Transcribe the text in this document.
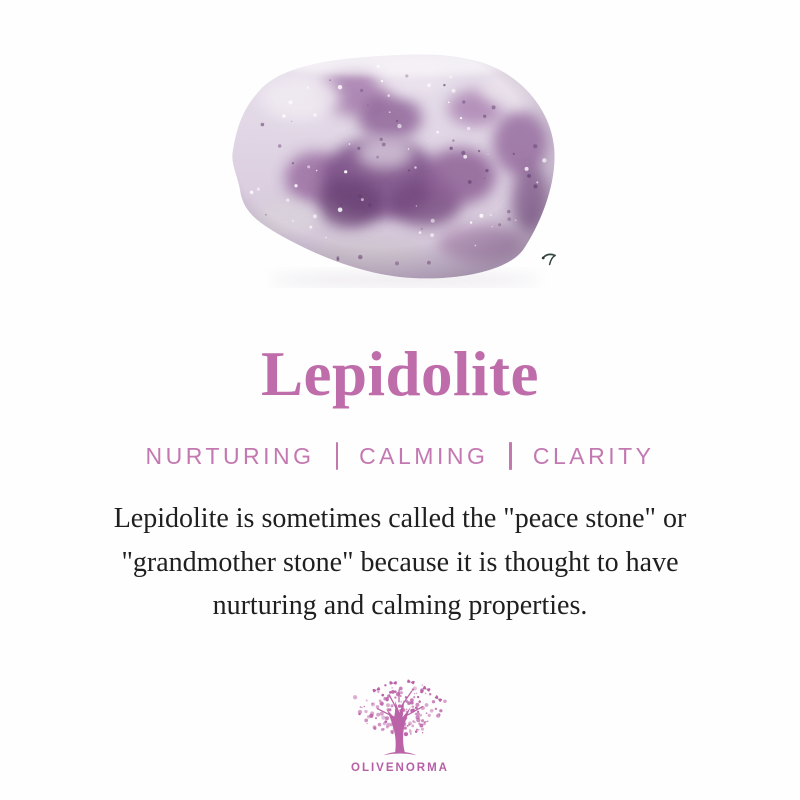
Lepidolite
NURTURING CALMING CLARITY

Lepidolite is sometimes called the "peace stone" or
"grandmother stone" because it is thought to have
nurturing and calming properties.

OLIVENORMA
